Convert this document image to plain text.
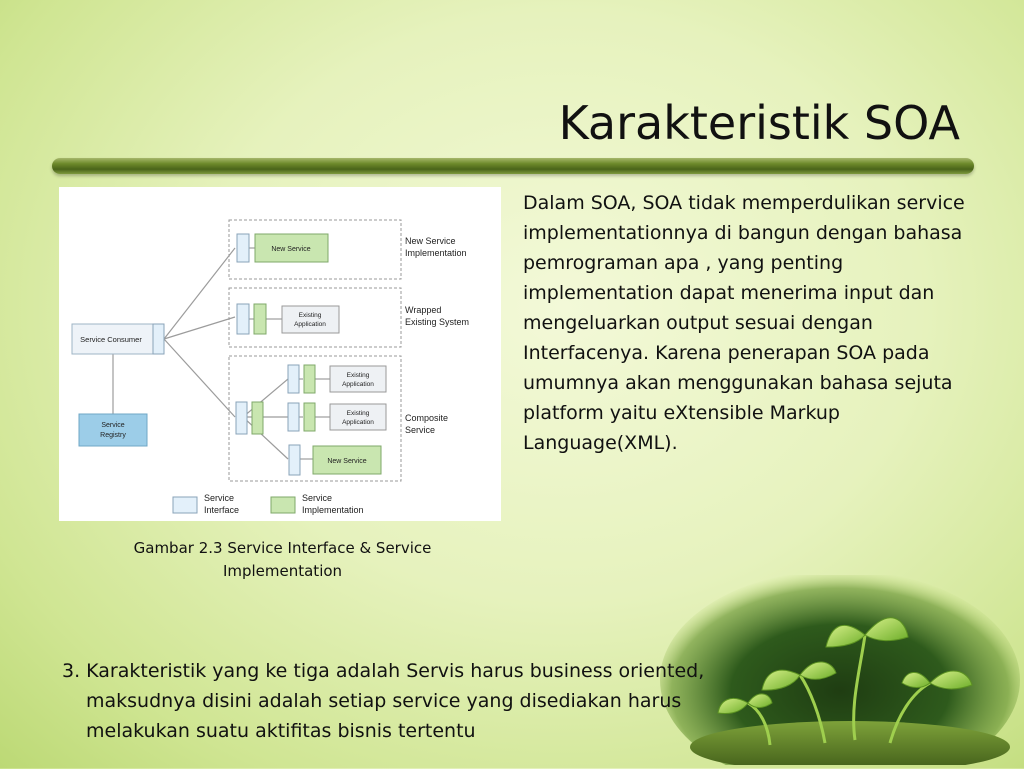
Karakteristik SOA
Service Consumer
Service
Registry
New Service
New Service
Implementation
Existing
Application
Wrapped
Existing System
Existing
Application
Existing
Application
New Service
Composite
Service
Service
Interface
Service
Implementation
Gambar 2.3 Service Interface & Service Implementation
Dalam SOA, SOA tidak memperdulikan service implementationnya di bangun dengan bahasa pemrograman apa , yang penting implementation dapat menerima input dan mengeluarkan output sesuai dengan Interfacenya. Karena penerapan SOA pada umumnya akan menggunakan bahasa sejuta platform yaitu eXtensible Markup Language(XML).
3. Karakteristik yang ke tiga adalah Servis harus business oriented, maksudnya disini adalah setiap service yang disediakan harus melakukan suatu aktifitas bisnis tertentu
